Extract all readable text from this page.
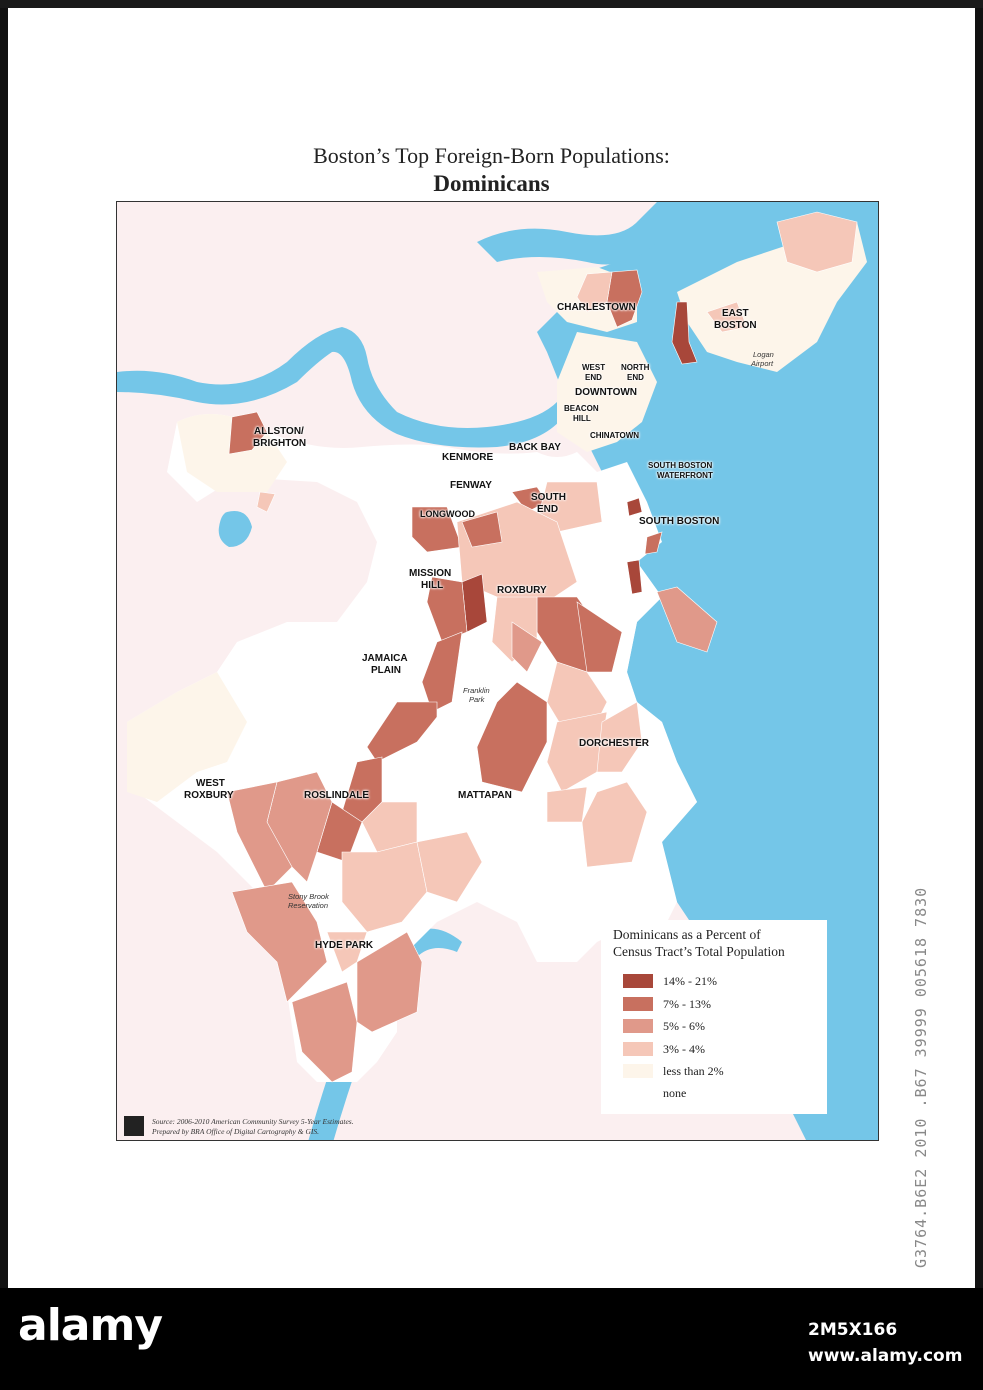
Boston’s Top Foreign-Born Populations:
Dominicans
CHARLESTOWN
EAST
BOSTON
Logan
Airport
WEST
END
NORTH
END
DOWNTOWN
BEACON
HILL
CHINATOWN
ALLSTON/
BRIGHTON	BACK BAY
KENMORE
FENWAY
SOUTH BOSTON
WATERFRONT
SOUTH
END
LONGWOOD
SOUTH BOSTON
MISSION
HILL	ROXBURY
JAMAICA
PLAIN
Franklin
Park
DORCHESTER
WEST
ROXBURY	ROSLINDALE	MATTAPAN
Stony Brook
Reservation
HYDE PARK
Dominicans as a Percent of
Census Tract’s Total Population
14% - 21%
7% - 13%
5% - 6%
3% - 4%
less than 2%
none
Source: 2006-2010 American Community Survey 5-Year Estimates.
Prepared by BRA Office of Digital Cartography & GIS.	G3764.B6E2 2010 .B67 39999 005618 7830
alamy	2M5X166
www.alamy.com
